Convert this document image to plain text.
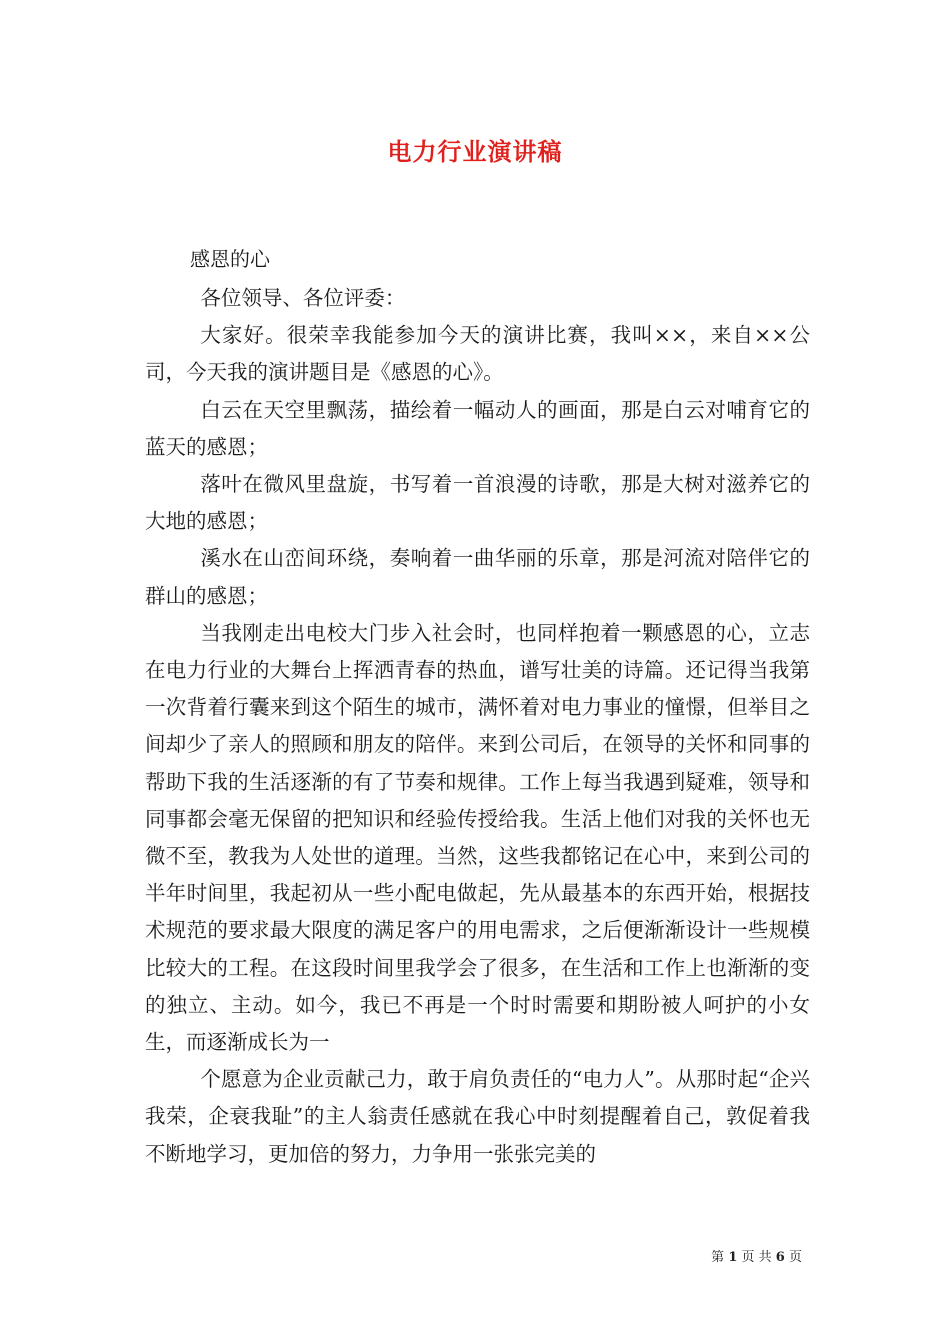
电力行业演讲稿
感恩的心

各位领导、各位评委：

大家好。很荣幸我能参加今天的演讲比赛，我叫××，来自××公司，今天我的演讲题目是《感恩的心》。

白云在天空里飘荡，描绘着一幅动人的画面，那是白云对哺育它的蓝天的感恩；

落叶在微风里盘旋，书写着一首浪漫的诗歌，那是大树对滋养它的大地的感恩；

溪水在山峦间环绕，奏响着一曲华丽的乐章，那是河流对陪伴它的群山的感恩；

当我刚走出电校大门步入社会时，也同样抱着一颗感恩的心，立志在电力行业的大舞台上挥洒青春的热血，谱写壮美的诗篇。还记得当我第一次背着行囊来到这个陌生的城市，满怀着对电力事业的憧憬，但举目之间却少了亲人的照顾和朋友的陪伴。来到公司后，在领导的关怀和同事的帮助下我的生活逐渐的有了节奏和规律。工作上每当我遇到疑难，领导和同事都会毫无保留的把知识和经验传授给我。生活上他们对我的关怀也无微不至，教我为人处世的道理。当然，这些我都铭记在心中，来到公司的半年时间里，我起初从一些小配电做起，先从最基本的东西开始，根据技术规范的要求最大限度的满足客户的用电需求，之后便渐渐设计一些规模比较大的工程。在这段时间里我学会了很多，在生活和工作上也渐渐的变的独立、主动。如今，我已不再是一个时时需要和期盼被人呵护的小女生，而逐渐成长为一

个愿意为企业贡献己力，敢于肩负责任的“电力人”。从那时起“企兴我荣，企衰我耻”的主人翁责任感就在我心中时刻提醒着自己，敦促着我不断地学习，更加倍的努力，力争用一张张完美的

第 1 页 共 6 页
